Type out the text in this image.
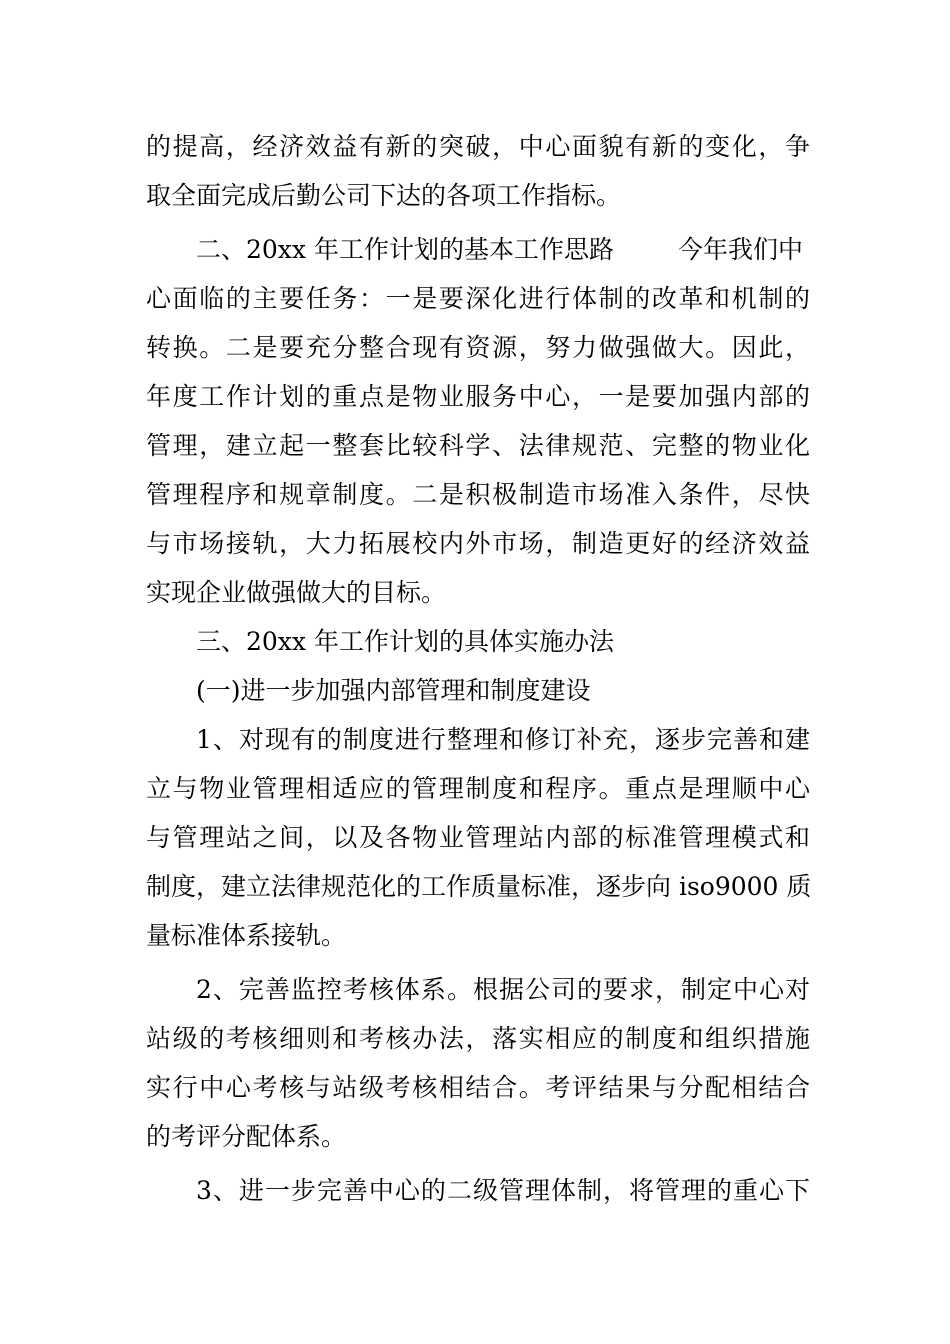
的提高，经济效益有新的突破，中心面貌有新的变化，争
取全面完成后勤公司下达的各项工作指标。
二、20xx 年工作计划的基本工作思路	今年我们中
心面临的主要任务：一是要深化进行体制的改革和机制的
转换。二是要充分整合现有资源，努力做强做大。因此，
年度工作计划的重点是物业服务中心，一是要加强内部的
管理，建立起一整套比较科学、法律规范、完整的物业化
管理程序和规章制度。二是积极制造市场准入条件，尽快
与市场接轨，大力拓展校内外市场，制造更好的经济效益
实现企业做强做大的目标。
三、20xx 年工作计划的具体实施办法
(一)进一步加强内部管理和制度建设
1、对现有的制度进行整理和修订补充，逐步完善和建
立与物业管理相适应的管理制度和程序。重点是理顺中心
与管理站之间，以及各物业管理站内部的标准管理模式和
制度，建立法律规范化的工作质量标准，逐步向 iso9000 质
量标准体系接轨。
2、完善监控考核体系。根据公司的要求，制定中心对
站级的考核细则和考核办法，落实相应的制度和组织措施
实行中心考核与站级考核相结合。考评结果与分配相结合
的考评分配体系。
3、进一步完善中心的二级管理体制，将管理的重心下
